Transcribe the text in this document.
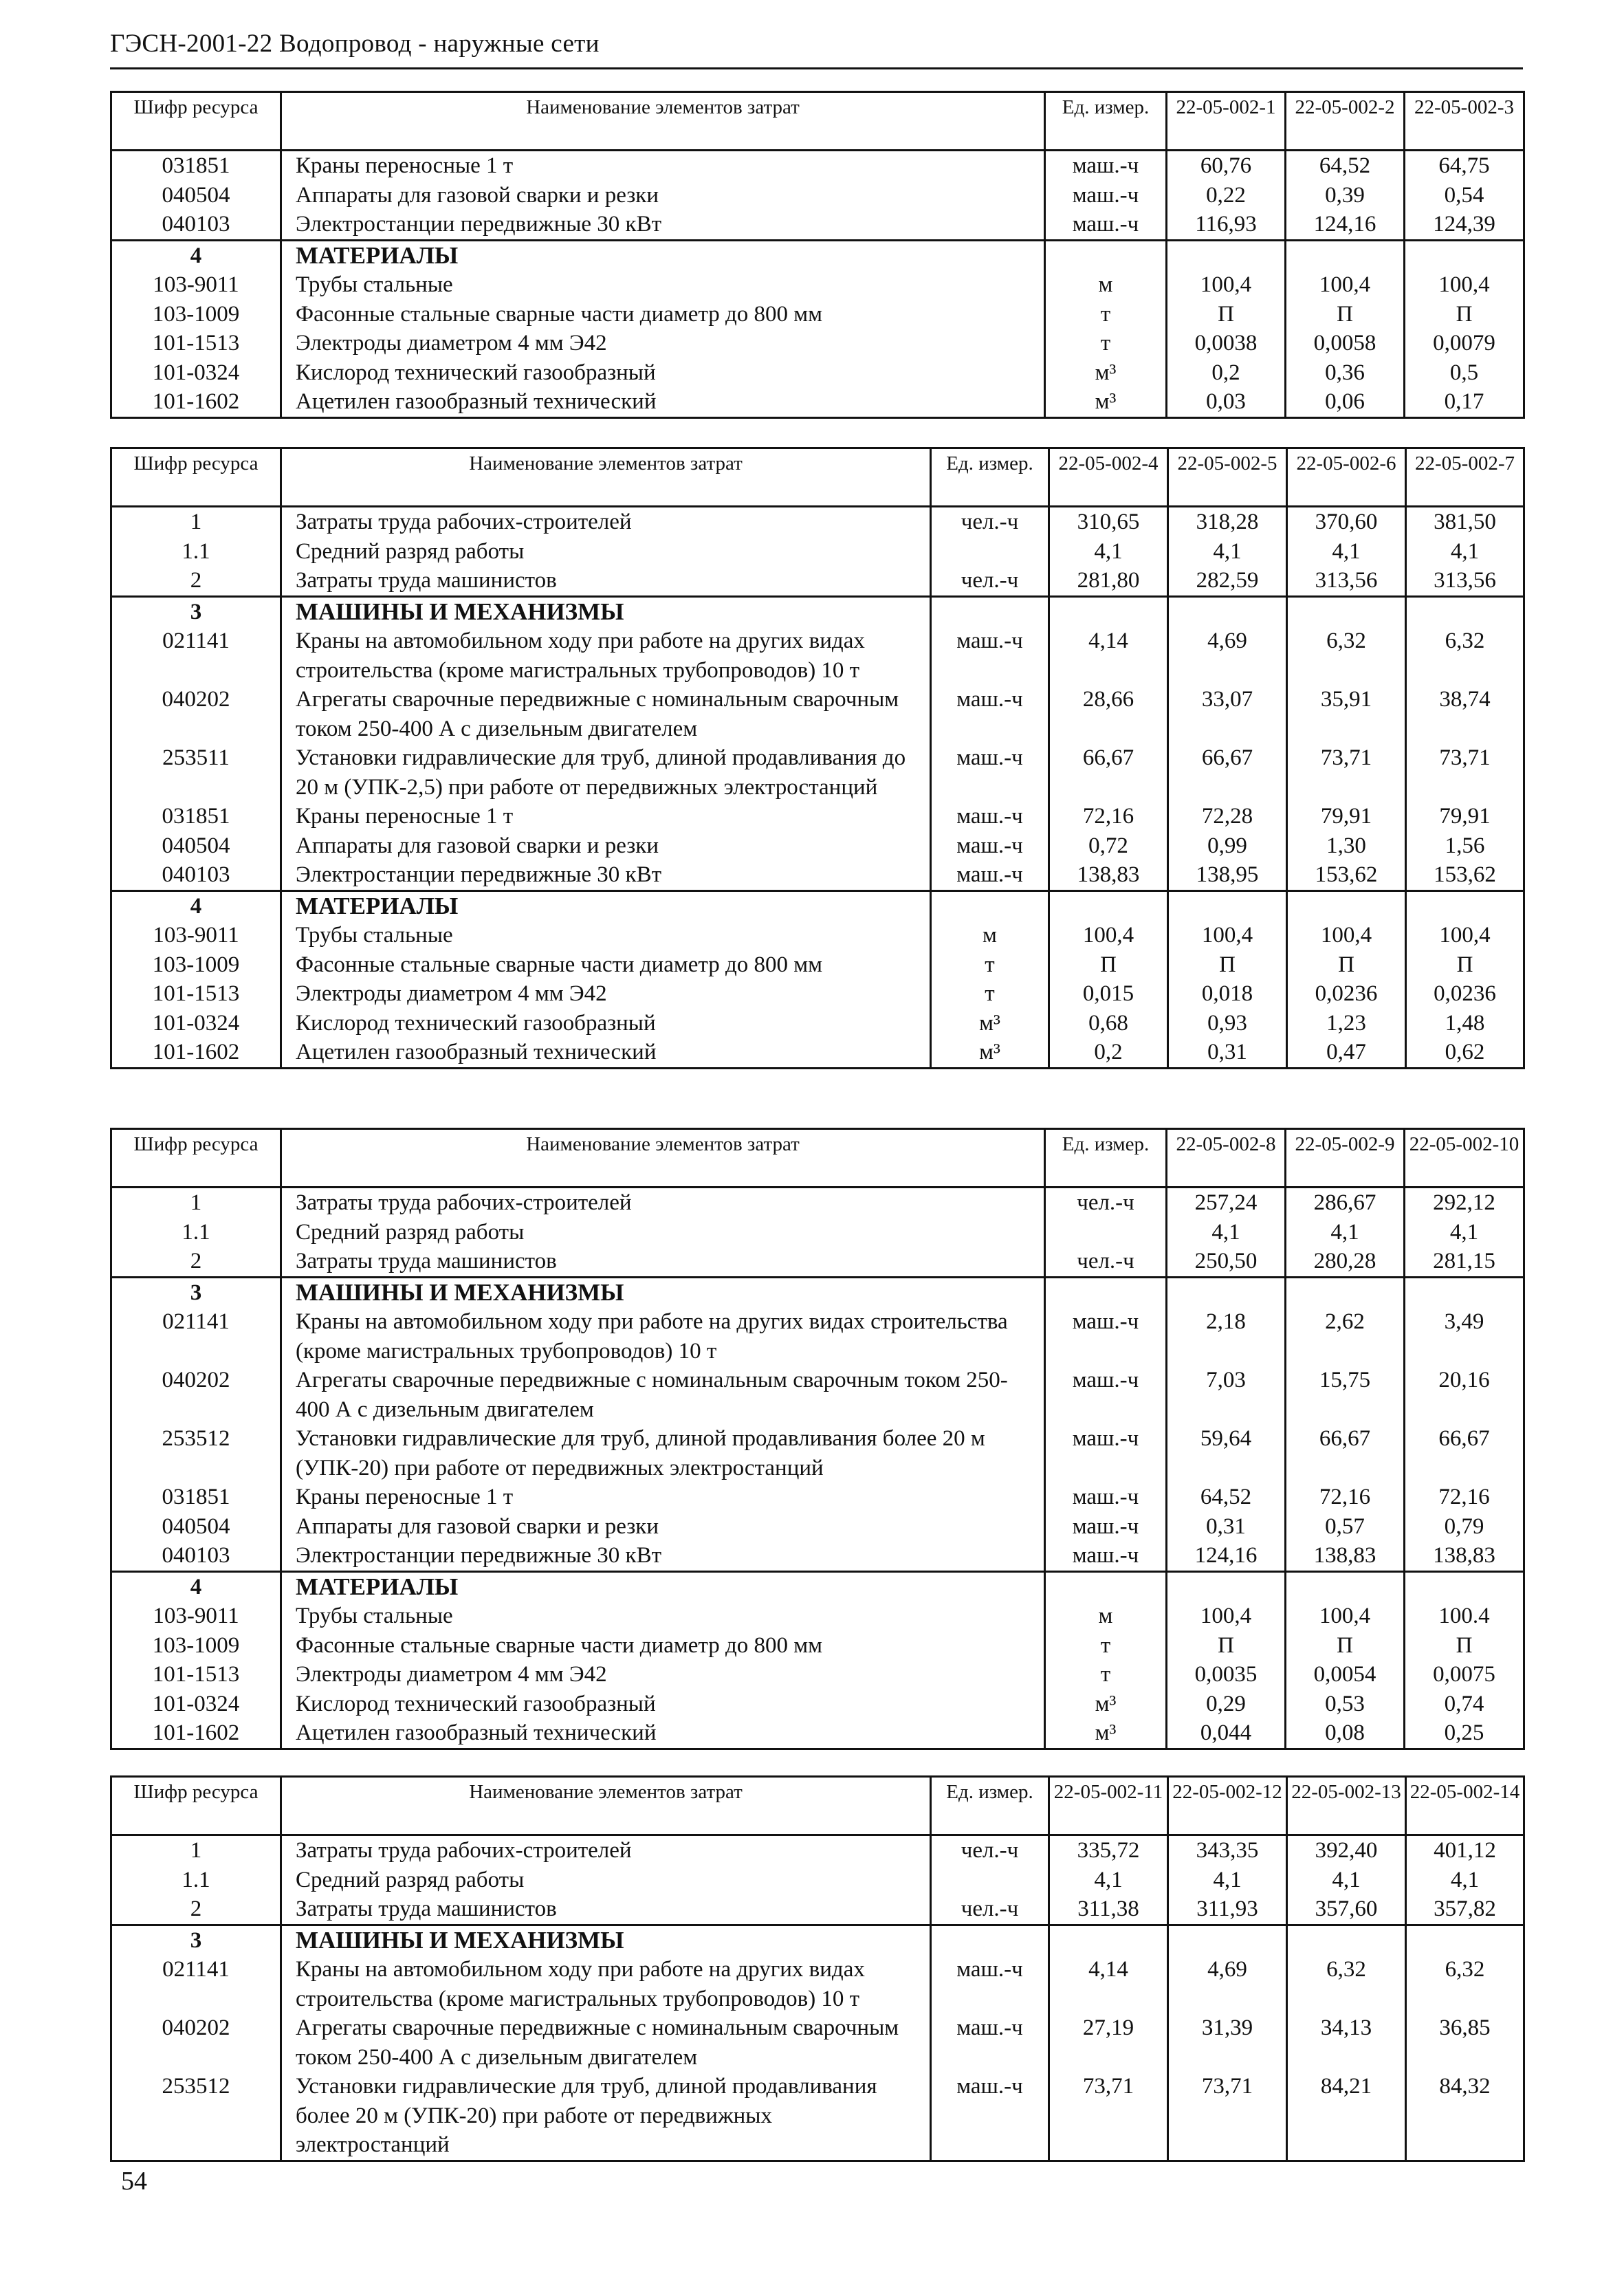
ГЭСН-2001-22 Водопровод - наружные сети
Шифр ресурса	Наименование элементов затрат	Ед. измер.	22-05-002-1	22-05-002-2	22-05-002-3
031851	Краны переносные 1 т	маш.-ч	60,76	64,52	64,75
040504	Аппараты для газовой сварки и резки	маш.-ч	0,22	0,39	0,54
040103	Электростанции передвижные 30 кВт	маш.-ч	116,93	124,16	124,39
4	МАТЕРИАЛЫ				
103-9011	Трубы стальные	м	100,4	100,4	100,4
103-1009	Фасонные стальные сварные части диаметр до 800 мм	т	П	П	П
101-1513	Электроды диаметром 4 мм Э42	т	0,0038	0,0058	0,0079
101-0324	Кислород технический газообразный	м³	0,2	0,36	0,5
101-1602	Ацетилен газообразный технический	м³	0,03	0,06	0,17
Шифр ресурса	Наименование элементов затрат	Ед. измер.	22-05-002-4	22-05-002-5	22-05-002-6	22-05-002-7
1	Затраты труда рабочих-строителей	чел.-ч	310,65	318,28	370,60	381,50
1.1	Средний разряд работы		4,1	4,1	4,1	4,1
2	Затраты труда машинистов	чел.-ч	281,80	282,59	313,56	313,56
3	МАШИНЫ И МЕХАНИЗМЫ					
021141	Краны на автомобильном ходу при работе на других видах строительства (кроме магистральных трубопроводов) 10 т	маш.-ч	4,14	4,69	6,32	6,32
040202	Агрегаты сварочные передвижные с номинальным сварочным током 250-400 А с дизельным двигателем	маш.-ч	28,66	33,07	35,91	38,74
253511	Установки гидравлические для труб, длиной продавливания до 20 м (УПК-2,5) при работе от передвижных электростанций	маш.-ч	66,67	66,67	73,71	73,71
031851	Краны переносные 1 т	маш.-ч	72,16	72,28	79,91	79,91
040504	Аппараты для газовой сварки и резки	маш.-ч	0,72	0,99	1,30	1,56
040103	Электростанции передвижные 30 кВт	маш.-ч	138,83	138,95	153,62	153,62
4	МАТЕРИАЛЫ					
103-9011	Трубы стальные	м	100,4	100,4	100,4	100,4
103-1009	Фасонные стальные сварные части диаметр до 800 мм	т	П	П	П	П
101-1513	Электроды диаметром 4 мм Э42	т	0,015	0,018	0,0236	0,0236
101-0324	Кислород технический газообразный	м³	0,68	0,93	1,23	1,48
101-1602	Ацетилен газообразный технический	м³	0,2	0,31	0,47	0,62
Шифр ресурса	Наименование элементов затрат	Ед. измер.	22-05-002-8	22-05-002-9	22-05-002-10
1	Затраты труда рабочих-строителей	чел.-ч	257,24	286,67	292,12
1.1	Средний разряд работы		4,1	4,1	4,1
2	Затраты труда машинистов	чел.-ч	250,50	280,28	281,15
3	МАШИНЫ И МЕХАНИЗМЫ				
021141	Краны на автомобильном ходу при работе на других видах строительства (кроме магистральных трубопроводов) 10 т	маш.-ч	2,18	2,62	3,49
040202	Агрегаты сварочные передвижные с номинальным сварочным током 250-400 А с дизельным двигателем	маш.-ч	7,03	15,75	20,16
253512	Установки гидравлические для труб, длиной продавливания более 20 м (УПК-20) при работе от передвижных электростанций	маш.-ч	59,64	66,67	66,67
031851	Краны переносные 1 т	маш.-ч	64,52	72,16	72,16
040504	Аппараты для газовой сварки и резки	маш.-ч	0,31	0,57	0,79
040103	Электростанции передвижные 30 кВт	маш.-ч	124,16	138,83	138,83
4	МАТЕРИАЛЫ				
103-9011	Трубы стальные	м	100,4	100,4	100.4
103-1009	Фасонные стальные сварные части диаметр до 800 мм	т	П	П	П
101-1513	Электроды диаметром 4 мм Э42	т	0,0035	0,0054	0,0075
101-0324	Кислород технический газообразный	м³	0,29	0,53	0,74
101-1602	Ацетилен газообразный технический	м³	0,044	0,08	0,25
Шифр ресурса	Наименование элементов затрат	Ед. измер.	22-05-002-11	22-05-002-12	22-05-002-13	22-05-002-14
1	Затраты труда рабочих-строителей	чел.-ч	335,72	343,35	392,40	401,12
1.1	Средний разряд работы		4,1	4,1	4,1	4,1
2	Затраты труда машинистов	чел.-ч	311,38	311,93	357,60	357,82
3	МАШИНЫ И МЕХАНИЗМЫ					
021141	Краны на автомобильном ходу при работе на других видах строительства (кроме магистральных трубопроводов) 10 т	маш.-ч	4,14	4,69	6,32	6,32
040202	Агрегаты сварочные передвижные с номинальным сварочным током 250-400 А с дизельным двигателем	маш.-ч	27,19	31,39	34,13	36,85
253512	Установки гидравлические для труб, длиной продавливания более 20 м (УПК-20) при работе от передвижных электростанций	маш.-ч	73,71	73,71	84,21	84,32
54
